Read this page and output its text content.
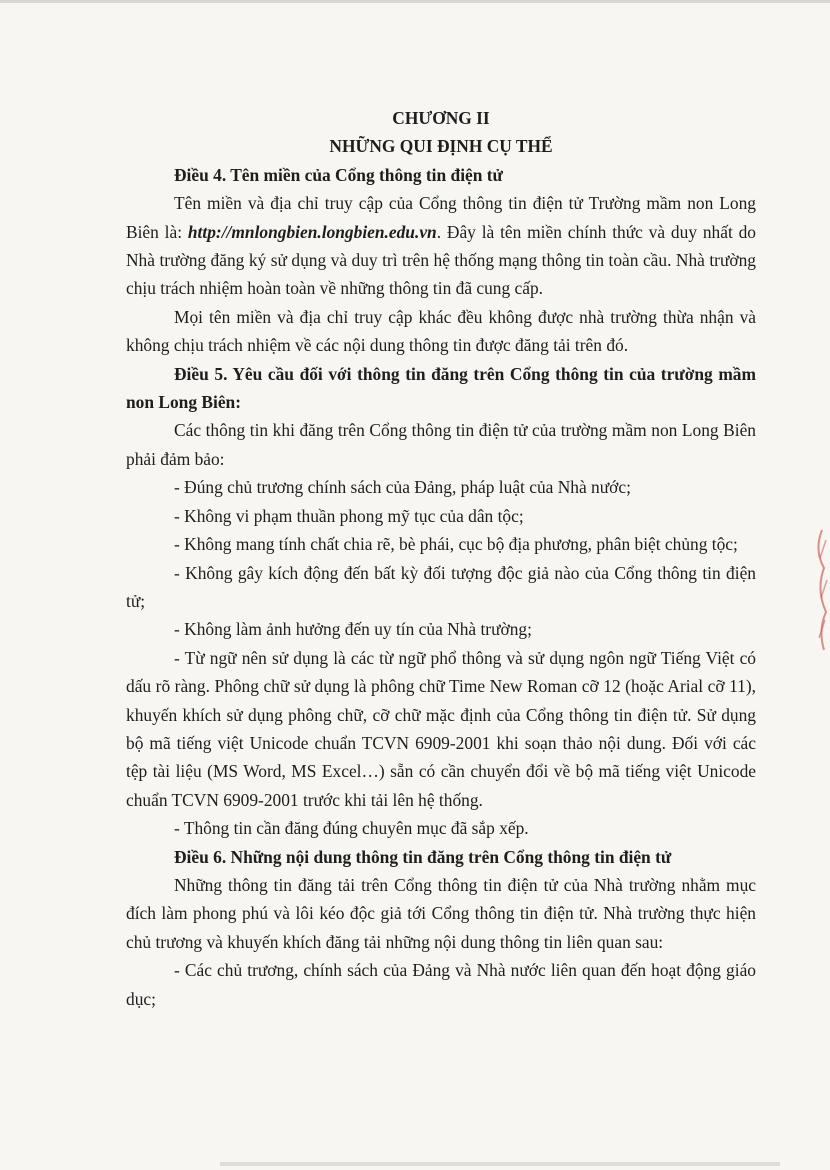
CHƯƠNG II
NHỮNG QUI ĐỊNH CỤ THỂ

Điều 4. Tên miền của Cổng thông tin điện tử

Tên miền và địa chỉ truy cập của Cổng thông tin điện tử Trường mầm non Long Biên là: http://mnlongbien.longbien.edu.vn. Đây là tên miền chính thức và duy nhất do Nhà trường đăng ký sử dụng và duy trì trên hệ thống mạng thông tin toàn cầu. Nhà trường chịu trách nhiệm hoàn toàn về những thông tin đã cung cấp.

Mọi tên miền và địa chỉ truy cập khác đều không được nhà trường thừa nhận và không chịu trách nhiệm về các nội dung thông tin được đăng tải trên đó.

Điều 5. Yêu cầu đối với thông tin đăng trên Cổng thông tin của trường mầm non Long Biên:

Các thông tin khi đăng trên Cổng thông tin điện tử của trường mầm non Long Biên phải đảm bảo:

- Đúng chủ trương chính sách của Đảng, pháp luật của Nhà nước;

- Không vi phạm thuần phong mỹ tục của dân tộc;

- Không mang tính chất chia rẽ, bè phái, cục bộ địa phương, phân biệt chủng tộc;

- Không gây kích động đến bất kỳ đối tượng độc giả nào của Cổng thông tin điện tử;

- Không làm ảnh hưởng đến uy tín của Nhà trường;

- Từ ngữ nên sử dụng là các từ ngữ phổ thông và sử dụng ngôn ngữ Tiếng Việt có dấu rõ ràng. Phông chữ sử dụng là phông chữ Time New Roman cỡ 12 (hoặc Arial cỡ 11), khuyến khích sử dụng phông chữ, cỡ chữ mặc định của Cổng thông tin điện tử. Sử dụng bộ mã tiếng việt Unicode chuẩn TCVN 6909-2001 khi soạn thảo nội dung. Đối với các tệp tài liệu (MS Word, MS Excel…) sẵn có cần chuyển đổi về bộ mã tiếng việt Unicode chuẩn TCVN 6909-2001 trước khi tải lên hệ thống.

- Thông tin cần đăng đúng chuyên mục đã sắp xếp.

Điều 6. Những nội dung thông tin đăng trên Cổng thông tin điện tử

Những thông tin đăng tải trên Cổng thông tin điện tử của Nhà trường nhằm mục đích làm phong phú và lôi kéo độc giả tới Cổng thông tin điện tử. Nhà trường thực hiện chủ trương và khuyến khích đăng tải những nội dung thông tin liên quan sau:

- Các chủ trương, chính sách của Đảng và Nhà nước liên quan đến hoạt động giáo dục;
